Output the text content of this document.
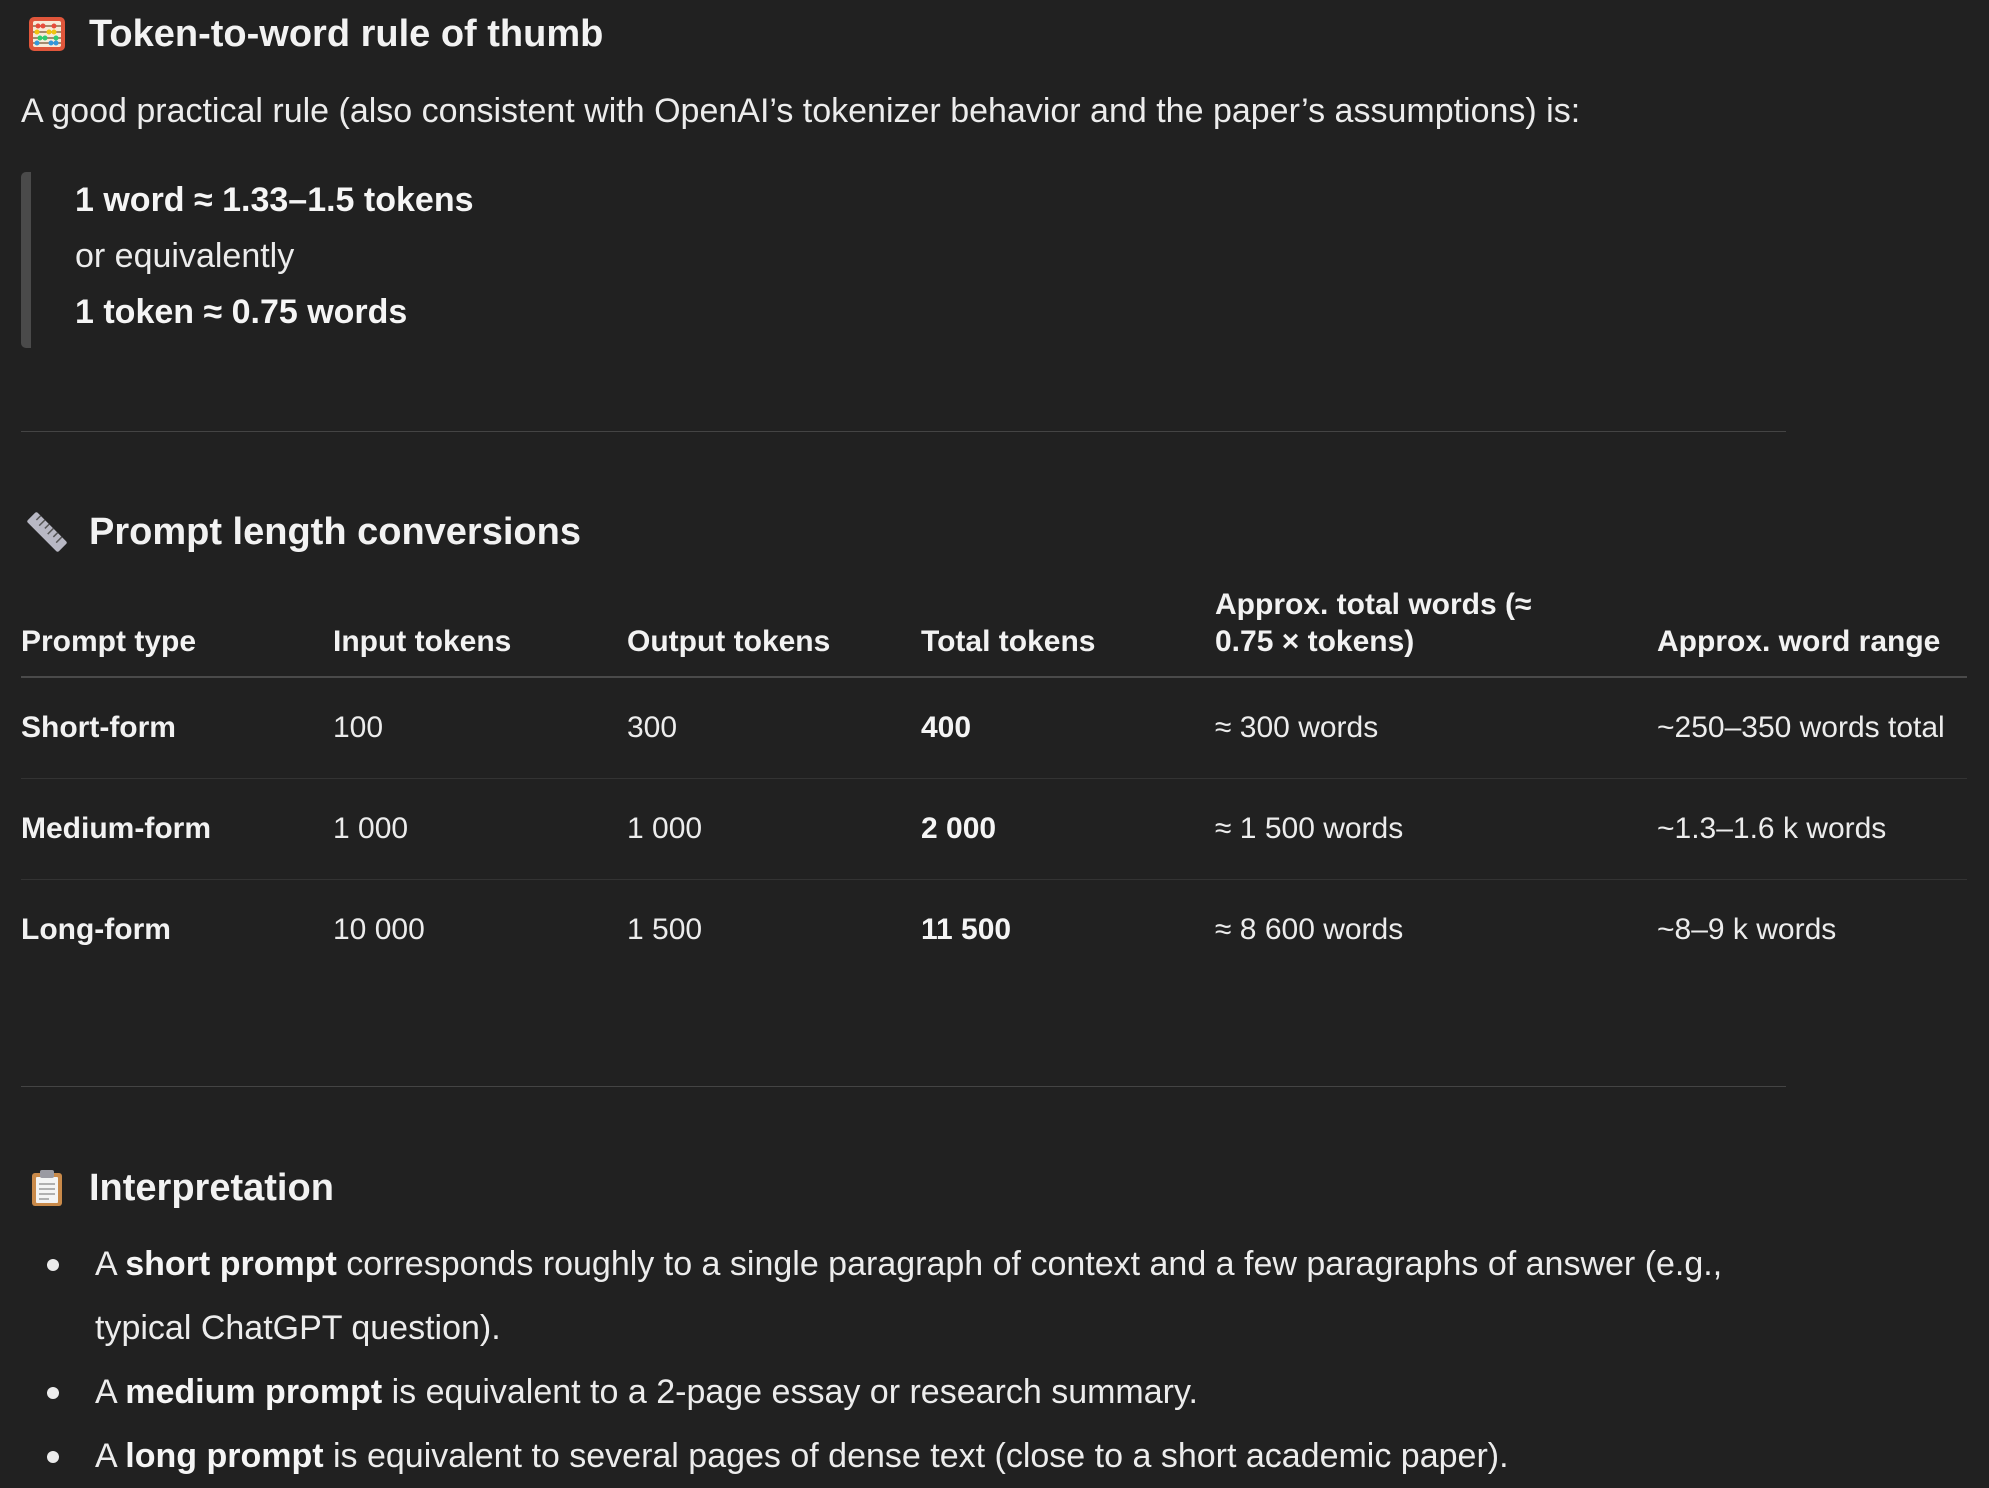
Token-to-word rule of thumb
A good practical rule (also consistent with OpenAI’s tokenizer behavior and the paper’s assumptions) is:
1 word ≈ 1.33–1.5 tokens
or equivalently
1 token ≈ 0.75 words
Prompt length conversions
Prompt type	Input tokens	Output tokens	Total tokens	Approx. total words (≈ 0.75 × tokens)	Approx. word range
Short-form	100	300	400	≈ 300 words	~250–350 words total
Medium-form	1 000	1 000	2 000	≈ 1 500 words	~1.3–1.6 k words
Long-form	10 000	1 500	11 500	≈ 8 600 words	~8–9 k words
Interpretation
A short prompt corresponds roughly to a single paragraph of context and a few paragraphs of answer (e.g., typical ChatGPT question).
A medium prompt is equivalent to a 2-page essay or research summary.
A long prompt is equivalent to several pages of dense text (close to a short academic paper).
